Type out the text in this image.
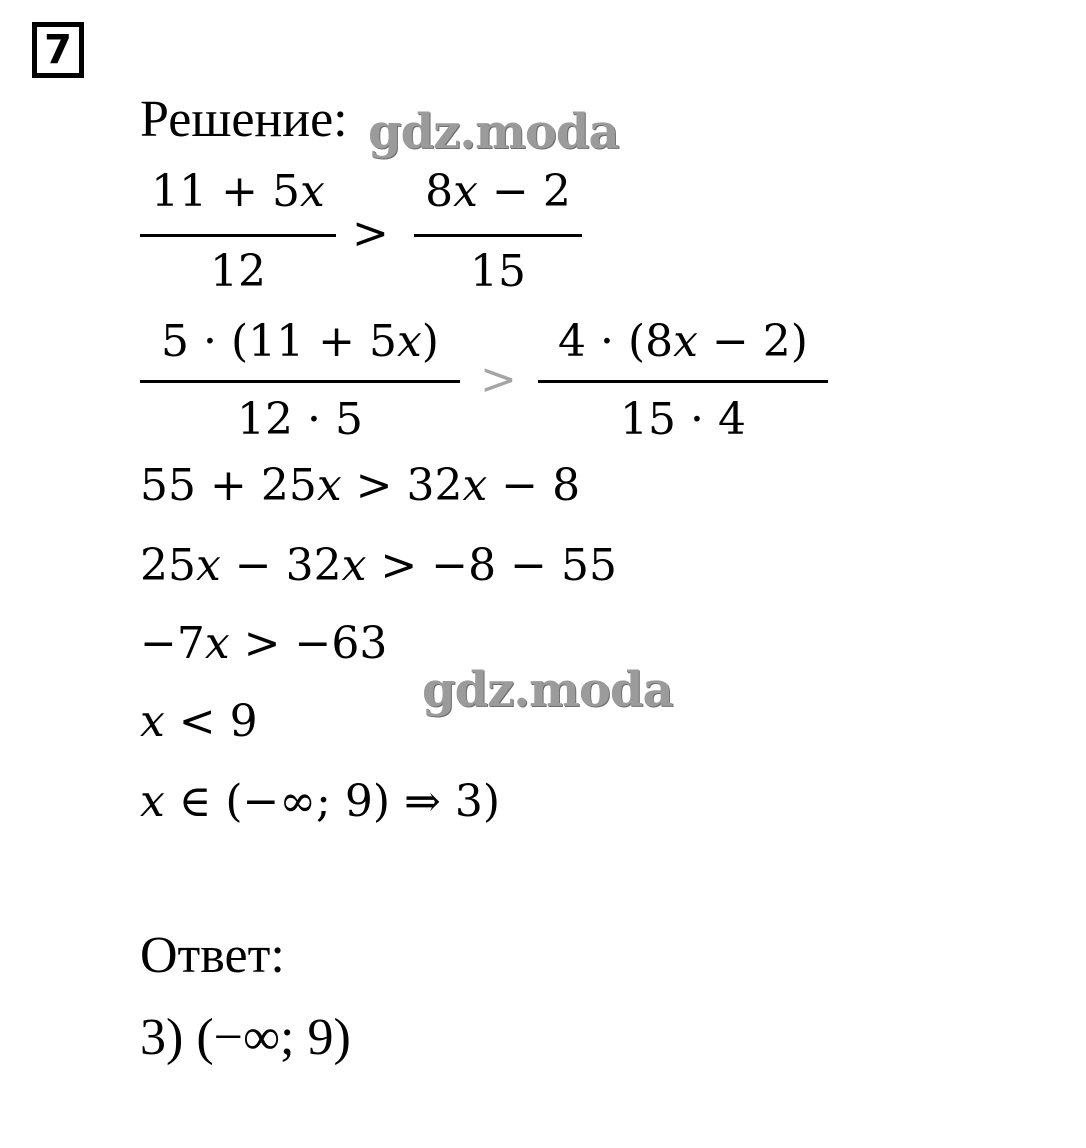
7
Решение: gdz.moda
11 + 5𝑥
12
>
8𝑥 − 2
15
5 · (11 + 5𝑥)
12 · 5
>
4 · (8𝑥 − 2)
15 · 4
55 + 25𝑥 > 32𝑥 − 8
25𝑥 − 32𝑥 > −8 − 55
−7𝑥 > −63
gdz.moda
𝑥 < 9
𝑥 ∈ (−∞; 9) ⇒ 3)
Ответ:
3) (−∞; 9)
